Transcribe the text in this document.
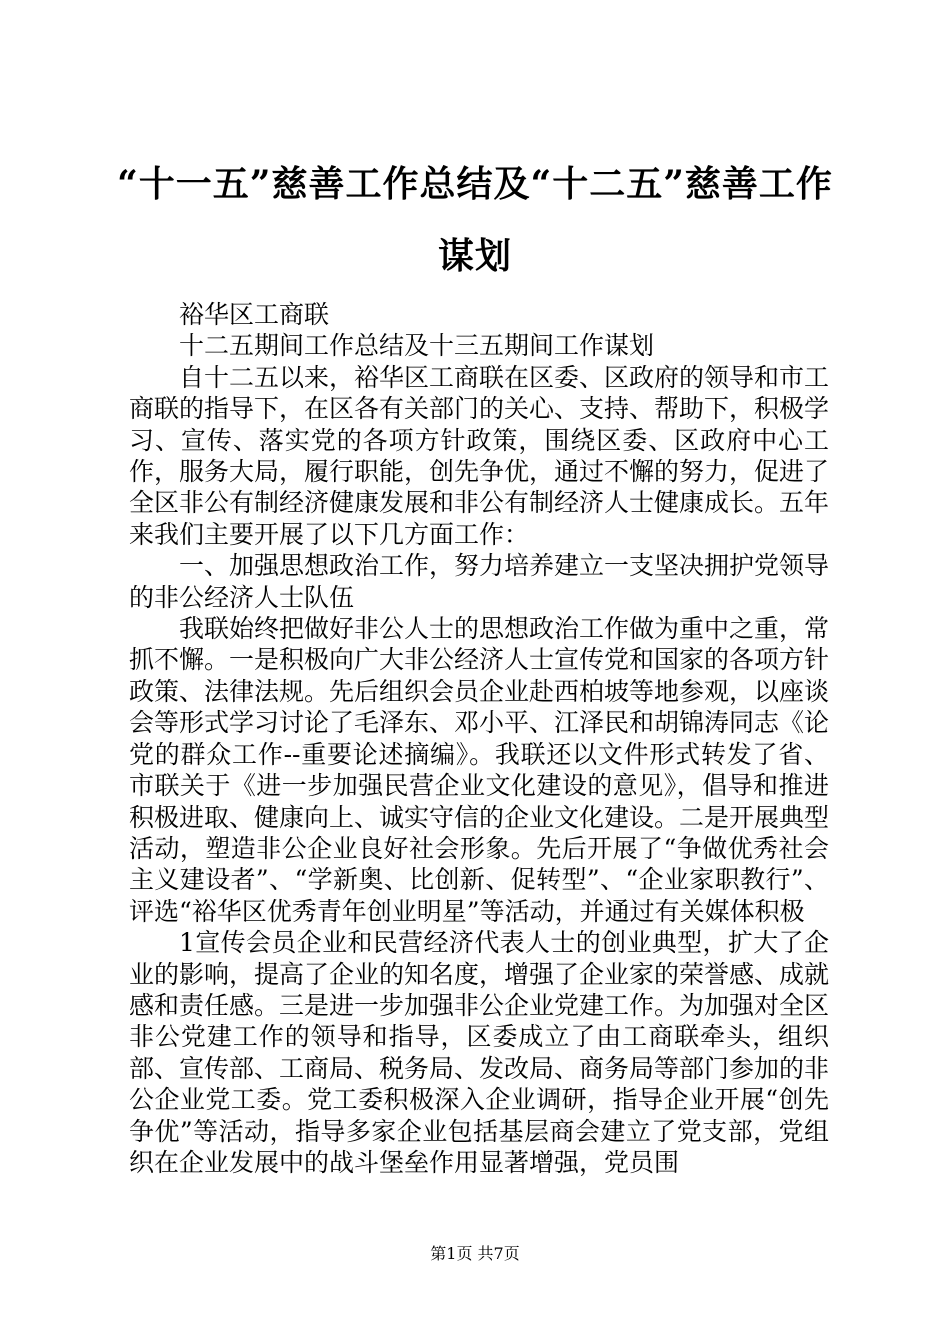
“十一五”慈善工作总结及“十二五”慈善工作谋划

裕华区工商联

十二五期间工作总结及十三五期间工作谋划

自十二五以来，裕华区工商联在区委、区政府的领导和市工商联的指导下，在区各有关部门的关心、支持、帮助下，积极学习、宣传、落实党的各项方针政策，围绕区委、区政府中心工作，服务大局，履行职能，创先争优，通过不懈的努力，促进了全区非公有制经济健康发展和非公有制经济人士健康成长。五年来我们主要开展了以下几方面工作：

一、加强思想政治工作，努力培养建立一支坚决拥护党领导的非公经济人士队伍

我联始终把做好非公人士的思想政治工作做为重中之重，常抓不懈。一是积极向广大非公经济人士宣传党和国家的各项方针政策、法律法规。先后组织会员企业赴西柏坡等地参观，以座谈会等形式学习讨论了毛泽东、邓小平、江泽民和胡锦涛同志《论党的群众工作--重要论述摘编》。我联还以文件形式转发了省、市联关于《进一步加强民营企业文化建设的意见》，倡导和推进积极进取、健康向上、诚实守信的企业文化建设。二是开展典型活动，塑造非公企业良好社会形象。先后开展了“争做优秀社会主义建设者”、“学新奥、比创新、促转型”、“企业家职教行”、评选“裕华区优秀青年创业明星”等活动，并通过有关媒体积极

1宣传会员企业和民营经济代表人士的创业典型，扩大了企业的影响，提高了企业的知名度，增强了企业家的荣誉感、成就感和责任感。三是进一步加强非公企业党建工作。为加强对全区非公党建工作的领导和指导，区委成立了由工商联牵头，组织部、宣传部、工商局、税务局、发改局、商务局等部门参加的非公企业党工委。党工委积极深入企业调研，指导企业开展“创先争优”等活动，指导多家企业包括基层商会建立了党支部，党组织在企业发展中的战斗堡垒作用显著增强，党员围

第1页 共7页
